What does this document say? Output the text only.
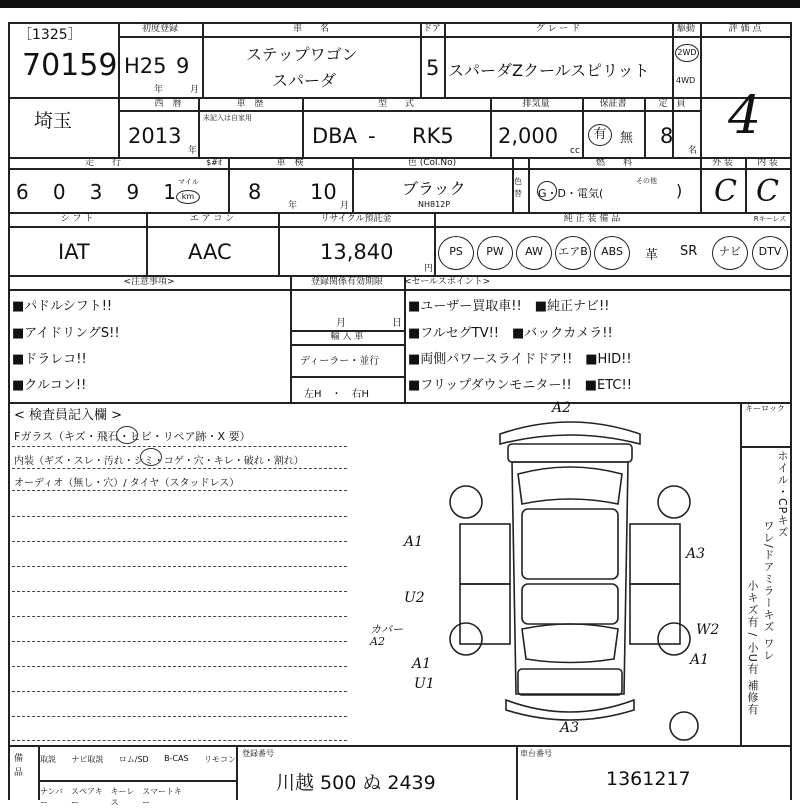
［1325］
70159
初度登録
H25 9
年	月
車　　名
ステップワゴン
スパーダ
ドア
5
グ レ ー ド
スパーダZクールスピリット
駆動
2WD
4WD
評 価 点
4
埼玉
西　暦
2013
年
車　歴
未記入は自家用
型　　式
DBA - RK5
排気量
2,000
cc
保証書
有	無
定　員
8
名
走　　行	$#ｵ
6 0 3 9 1 マイル
km
車　検
8 10
年	月
色 (Col.No)
ブラック
NH812P
色替
燃　　料
G・D・電気(
その他 )
外 装
C
内 装
C
シ フ ト
IAT
エ ア コ ン
AAC
リサイクル預託金
13,840
円
純 正 装 備 品	Rキーレス
PS	PW	AW	エアB	ABS	革 SR	ナビ	DTV
<注意事項>
■パドルシフト!!
■アイドリングS!!
■ドラレコ!!
■クルコン!!
登録関係有効期限
月	日
輸 入 車
ディーラー・並行
左H　・　右H
<セールスポイント>
■ユーザー買取車!!　■純正ナビ!!
■フルセグTV!!　■バックカメラ!!
■両側パワースライドドア!!　■HID!!
■フリップダウンモニター!!　■ETC!!
< 検査員記入欄 >
Fガラス（キズ・飛石・ヒビ・リペア跡・X 要）
内装（ギズ・スレ・汚れ・シミ・コゲ・穴・キレ・破れ・割れ）
オーディオ（無し・穴）/ タイヤ（スタッドレス）
A2
A3
A1
U2
カバー A2
A1
U1
A3
W2
A1
キーロック
ホイル・CPキズ
ワレ/ドアミラーキズ ワレ
小キズ有 / 小U有 補修有
備 品
取説 ナビ取説 ロム/SD B-CAS リモコン
ナンバー
スペアキー
キーレス
スマートキー
登録番号
川越 500 ぬ 2439
車台番号
1361217
